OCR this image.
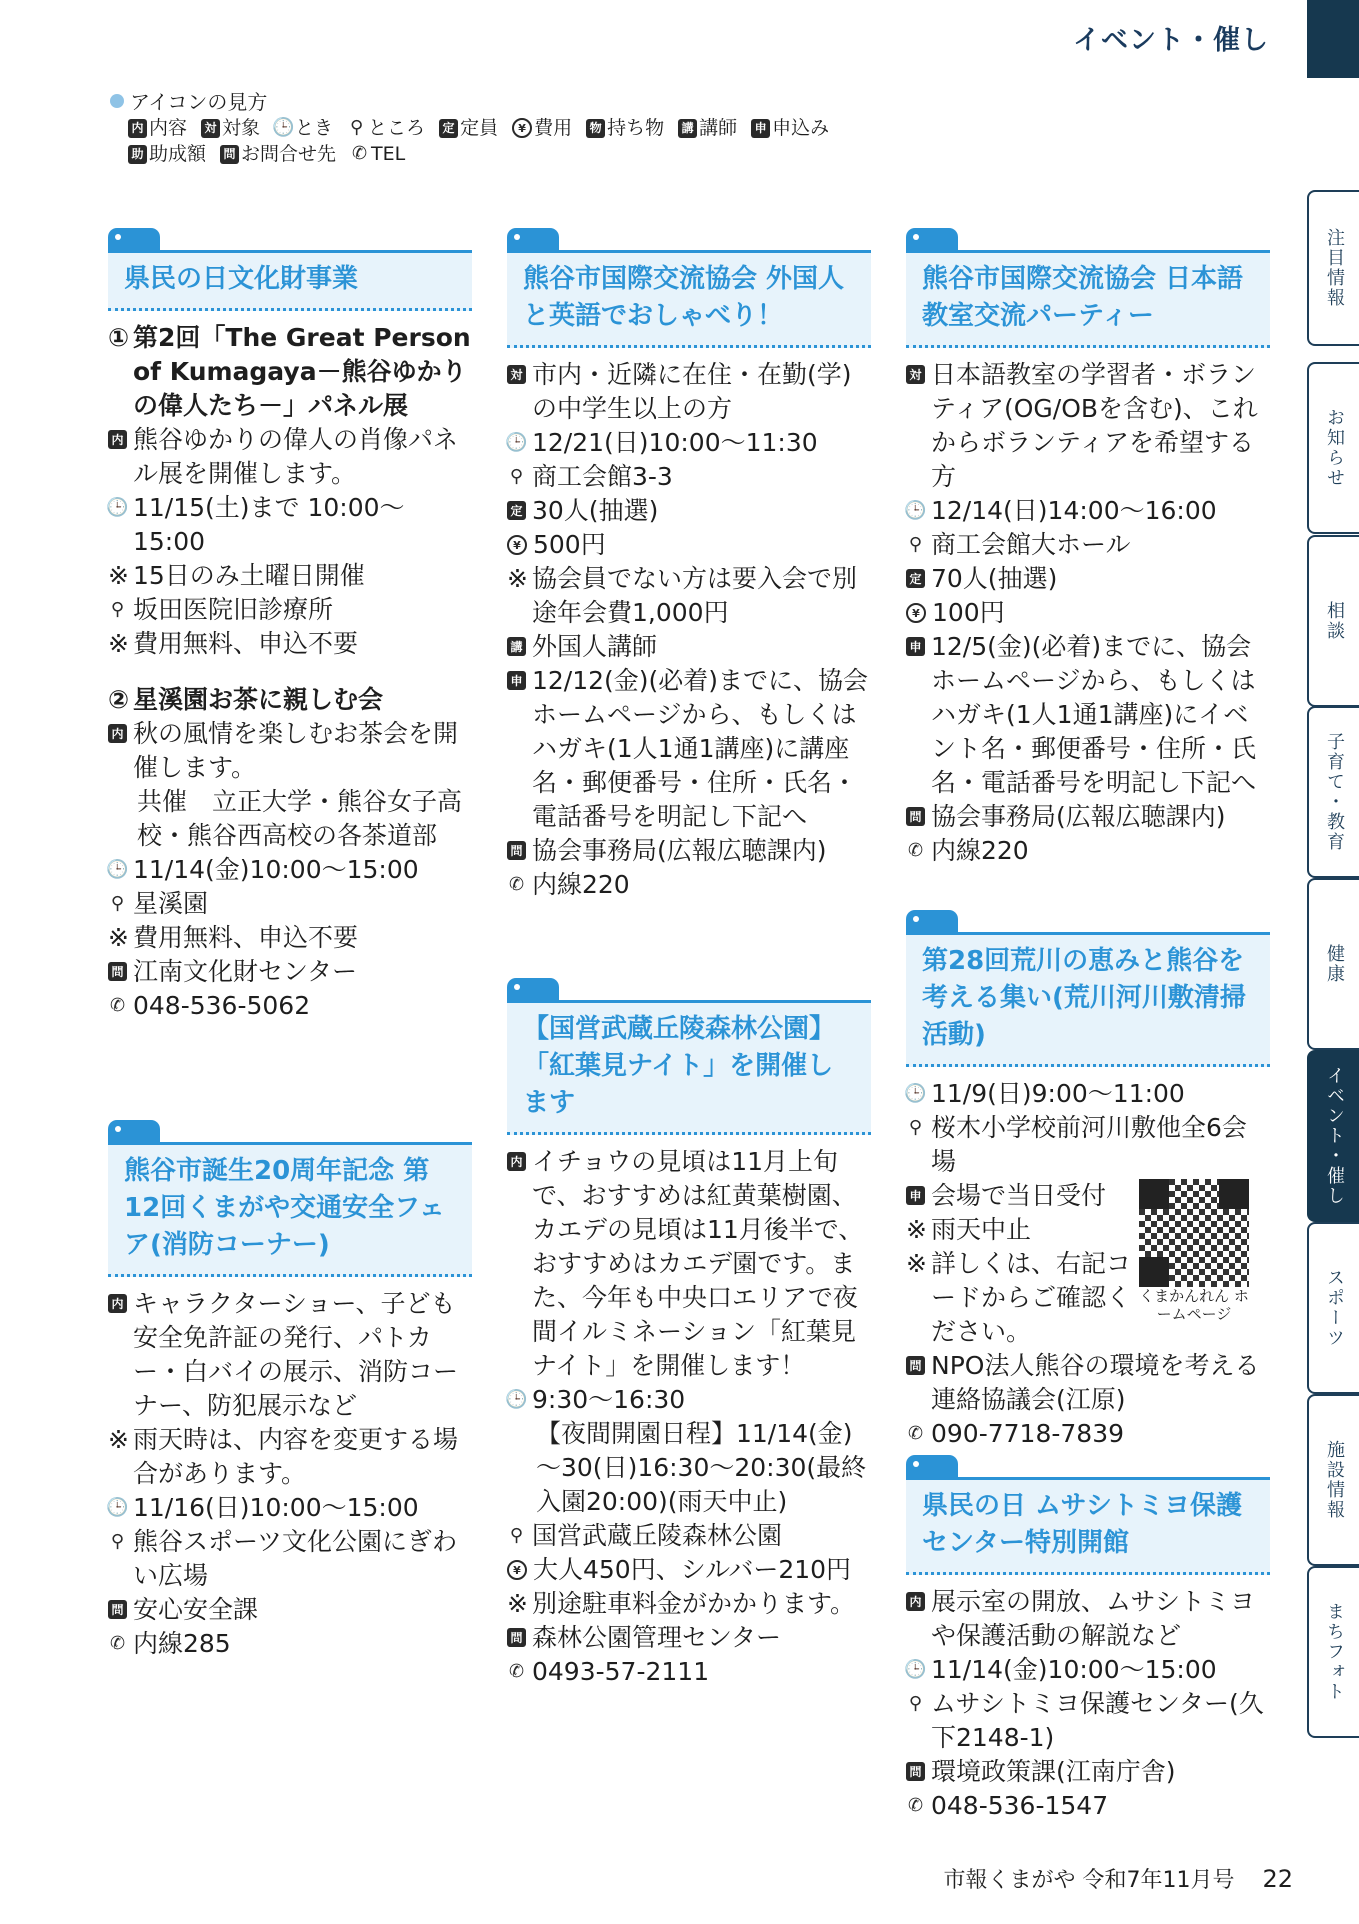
イベント・催し
アイコンの見方
内 内容 対 対象 🕒 とき ⚲ ところ 定 定員	¥ 費用 物 持ち物 講 講師 申 申込み
助 助成額 問 お問合せ先 ✆ TEL
県民の日文化財事業
① 第2回「The Great Person of Kumagaya－熊谷ゆかりの偉人たち－」パネル展
内 熊谷ゆかりの偉人の肖像パネル展を開催します。
🕒 11/15(土)まで 10:00～15:00
※ 15日のみ土曜日開催
⚲ 坂田医院旧診療所
※ 費用無料、申込不要
② 星溪園お茶に親しむ会
内 秋の風情を楽しむお茶会を開催します。
共催　立正大学・熊谷女子高校・熊谷西高校の各茶道部
🕒 11/14(金)10:00～15:00
⚲ 星溪園
※ 費用無料、申込不要
問 江南文化財センター
✆ 048-536-5062
熊谷市誕生20周年記念 第12回くまがや交通安全フェア(消防コーナー)
内 キャラクターショー、子ども安全免許証の発行、パトカー・白バイの展示、消防コーナー、防犯展示など
※ 雨天時は、内容を変更する場合があります。
🕒 11/16(日)10:00～15:00
⚲ 熊谷スポーツ文化公園にぎわい広場
問 安心安全課
✆ 内線285
熊谷市国際交流協会 外国人と英語でおしゃべり！
対 市内・近隣に在住・在勤(学)の中学生以上の方
🕒 12/21(日)10:00～11:30
⚲ 商工会館3-3
定 30人(抽選)
¥ 500円
※ 協会員でない方は要入会で別途年会費1,000円
講 外国人講師
申 12/12(金)(必着)までに、協会ホームページから、もしくはハガキ(1人1通1講座)に講座名・郵便番号・住所・氏名・電話番号を明記し下記へ
問 協会事務局(広報広聴課内)
✆ 内線220
【国営武蔵丘陵森林公園】「紅葉見ナイト」を開催します
内 イチョウの見頃は11月上旬で、おすすめは紅黄葉樹園、カエデの見頃は11月後半で、おすすめはカエデ園です。また、今年も中央口エリアで夜間イルミネーション「紅葉見ナイト」を開催します！
🕒 9:30～16:30
【夜間開園日程】11/14(金)～30(日)16:30～20:30(最終入園20:00)(雨天中止)
⚲ 国営武蔵丘陵森林公園
¥ 大人450円、シルバー210円
※ 別途駐車料金がかかります。
問 森林公園管理センター
✆ 0493-57-2111
熊谷市国際交流協会 日本語教室交流パーティー
対 日本語教室の学習者・ボランティア(OG/OBを含む)、これからボランティアを希望する方
🕒 12/14(日)14:00～16:00
⚲ 商工会館大ホール
定 70人(抽選)
¥ 100円
申 12/5(金)(必着)までに、協会ホームページから、もしくはハガキ(1人1通1講座)にイベント名・郵便番号・住所・氏名・電話番号を明記し下記へ
問 協会事務局(広報広聴課内)
✆ 内線220
第28回荒川の恵みと熊谷を考える集い(荒川河川敷清掃活動)
🕒 11/9(日)9:00～11:00
⚲ 桜木小学校前河川敷他全6会場
申 会場で当日受付
※ 雨天中止
※ 詳しくは、右記コードからご確認ください。
くまかんれん ホームページ
問 NPO法人熊谷の環境を考える連絡協議会(江原)
✆ 090-7718-7839
県民の日 ムサシトミヨ保護センター特別開館
内 展示室の開放、ムサシトミヨや保護活動の解説など
🕒 11/14(金)10:00～15:00
⚲ ムサシトミヨ保護センター(久下2148-1)
問 環境政策課(江南庁舎)
✆ 048-536-1547
注目情報
お知らせ
相談
子育て・教育
健康
イベント・催し
スポーツ
施設情報
まちフォト
市報くまがや 令和7年11月号 22
